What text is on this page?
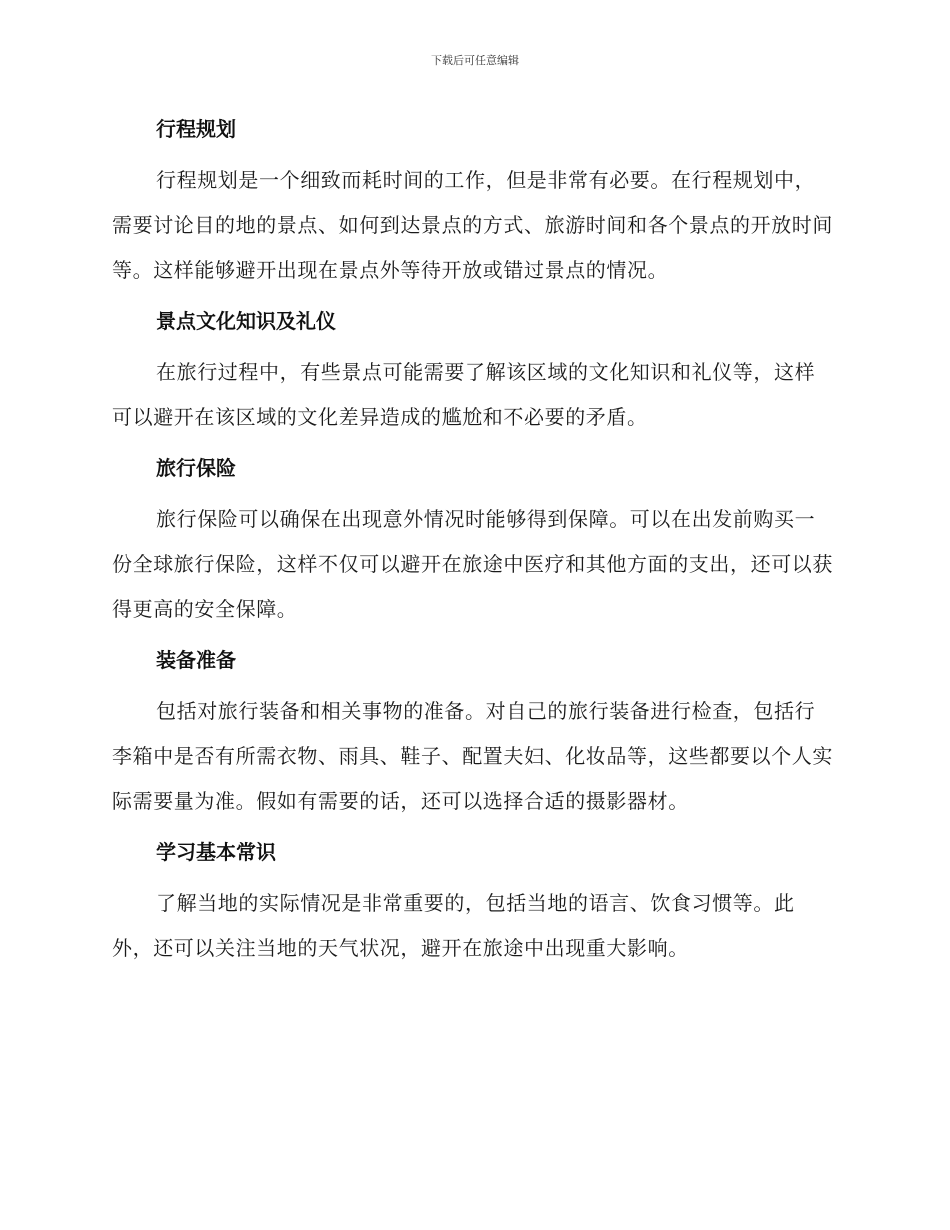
下载后可任意编辑
行程规划

行程规划是一个细致而耗时间的工作，但是非常有必要。在行程规划中，需要讨论目的地的景点、如何到达景点的方式、旅游时间和各个景点的开放时间等。这样能够避开出现在景点外等待开放或错过景点的情况。

景点文化知识及礼仪

在旅行过程中，有些景点可能需要了解该区域的文化知识和礼仪等，这样可以避开在该区域的文化差异造成的尴尬和不必要的矛盾。

旅行保险

旅行保险可以确保在出现意外情况时能够得到保障。可以在出发前购买一份全球旅行保险，这样不仅可以避开在旅途中医疗和其他方面的支出，还可以获得更高的安全保障。

装备准备

包括对旅行装备和相关事物的准备。对自己的旅行装备进行检查，包括行李箱中是否有所需衣物、雨具、鞋子、配置夫妇、化妆品等，这些都要以个人实际需要量为准。假如有需要的话，还可以选择合适的摄影器材。

学习基本常识

了解当地的实际情况是非常重要的，包括当地的语言、饮食习惯等。此外，还可以关注当地的天气状况，避开在旅途中出现重大影响。
